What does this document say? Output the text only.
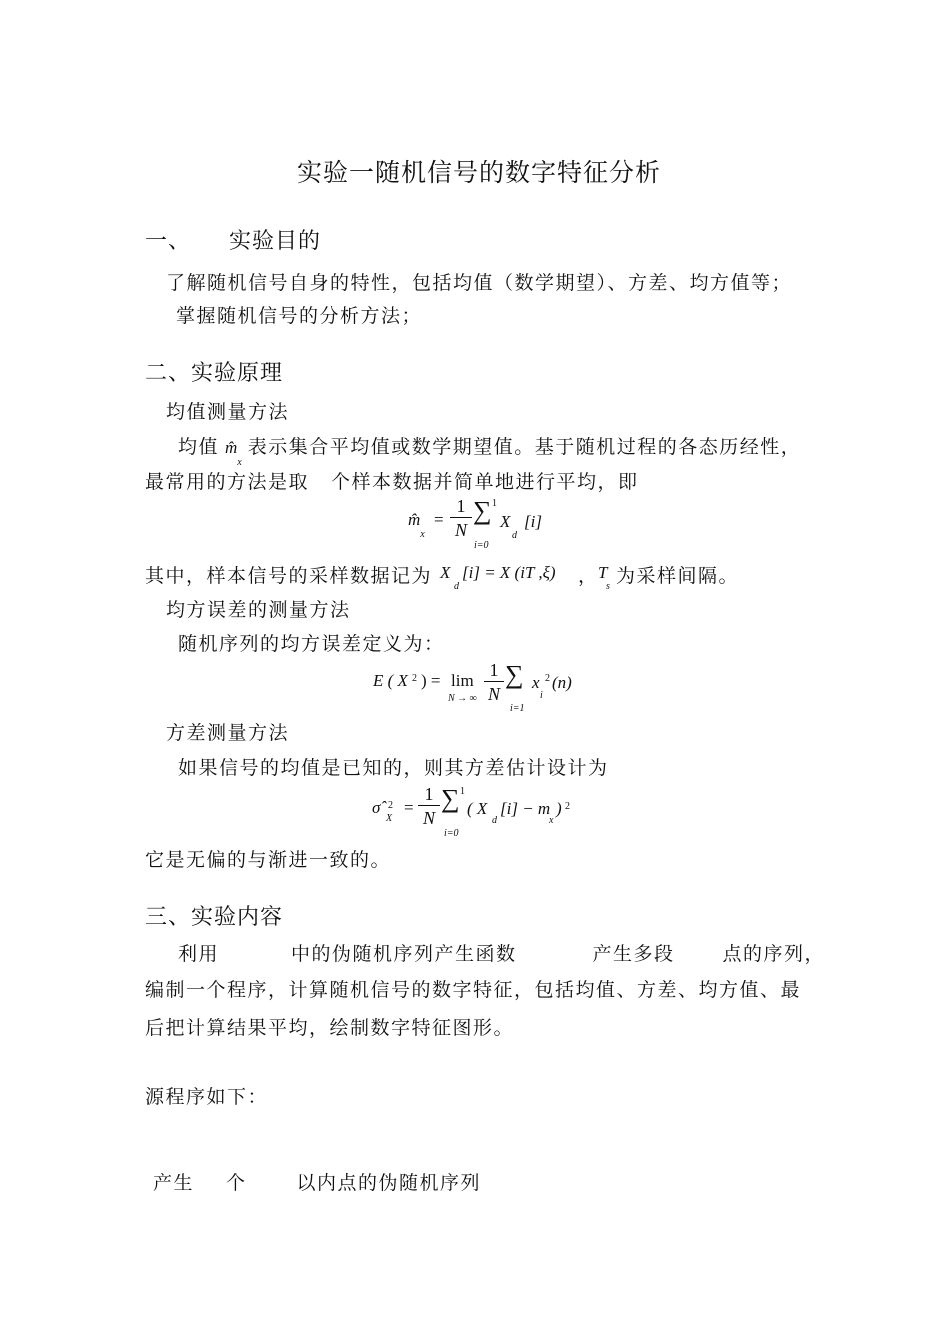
实验一随机信号的数字特征分析
一、 实验目的
了解随机信号自身的特性，包括均值（数学期望）、方差、均方值等；
掌握随机信号的分析方法；
二、实验原理
均值测量方法
均值 $m̂_x$表示集合平均值或数学期望值。基于随机过程的各态历经性，
最常用的方法是取 个样本数据并简单地进行平均，即
$m̂_x$
=
1
N
∑ 1
i=0
X
d
[i]
其中，样本信号的采样数据记为 X
d
[i] = X (iT ,ξ) ， T
s 为采样间隔。
均方误差的测量方法
随机序列的均方误差定义为：
E ( X 2 ) = lim
N → ∞
1
N
∑
i=1
x 2
i
(n)
方差测量方法
如果信号的均值是已知的，则其方差估计设计为
σ̂ 2
X
=
1
N
∑ 1
i=0
( X
d
[i] − m
x
) 2
它是无偏的与渐进一致的。
三、实验内容
利用	中的伪随机序列产生函数	产生多段	点的序列，
编制一个程序，计算随机信号的数字特征，包括均值、方差、均方值、最
后把计算结果平均，绘制数字特征图形。
源程序如下：
产生 个	以内点的伪随机序列
